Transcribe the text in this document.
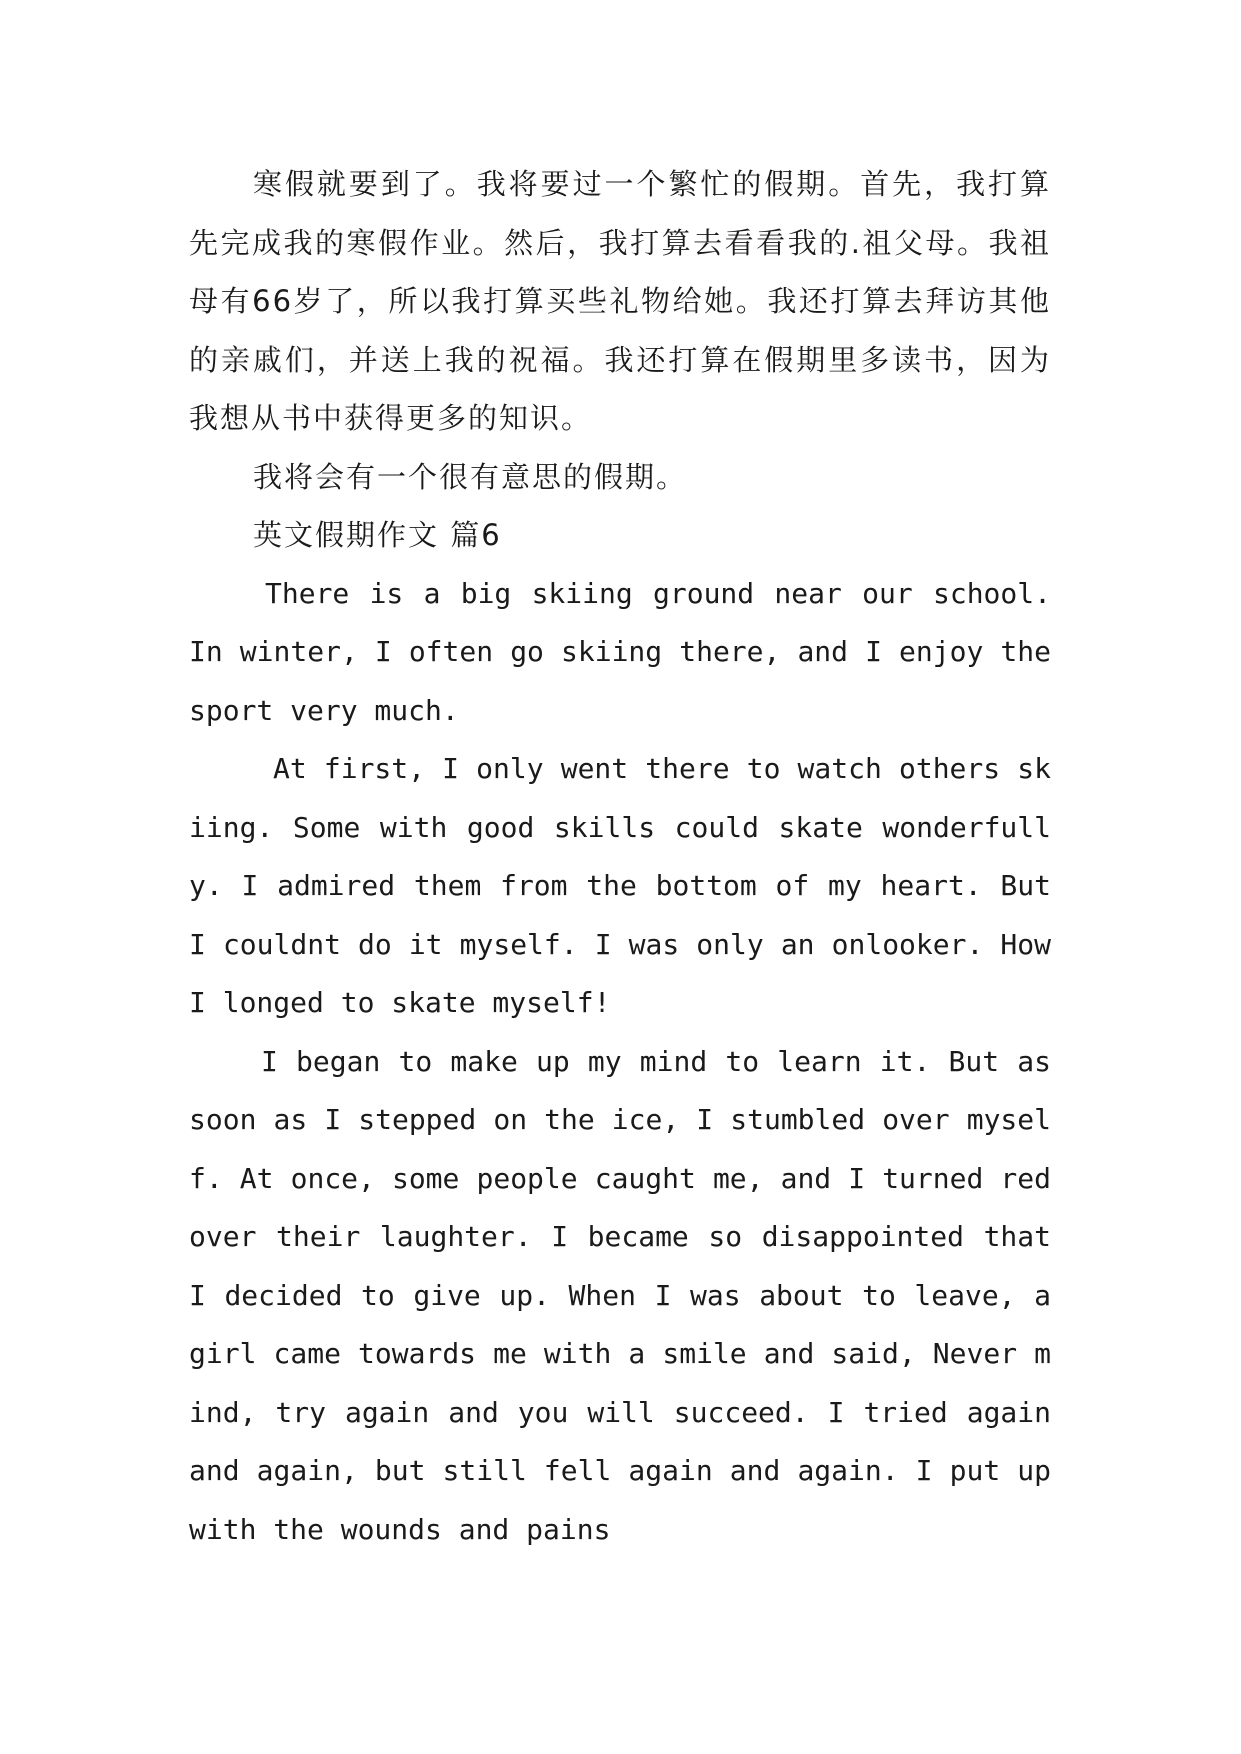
寒假就要到了。我将要过一个繁忙的假期。首先，我打算先完成我的寒假作业。然后，我打算去看看我的.祖父母。我祖母有66岁了，所以我打算买些礼物给她。我还打算去拜访其他的亲戚们，并送上我的祝福。我还打算在假期里多读书，因为我想从书中获得更多的知识。

我将会有一个很有意思的假期。

英文假期作文 篇6

There is a big skiing ground near our school. In winter, I often go skiing there, and I enjoy the sport very much.

At first, I only went there to watch others skiing. Some with good skills could skate wonderfully. I admired them from the bottom of my heart. But I couldnt do it myself. I was only an onlooker. How I longed to skate myself!

I began to make up my mind to learn it. But as soon as I stepped on the ice, I stumbled over myself. At once, some people caught me, and I turned red over their laughter. I became so disappointed that I decided to give up. When I was about to leave, a girl came towards me with a smile and said, Never mind, try again and you will succeed. I tried again and again, but still fell again and again. I put up with the wounds and pains
